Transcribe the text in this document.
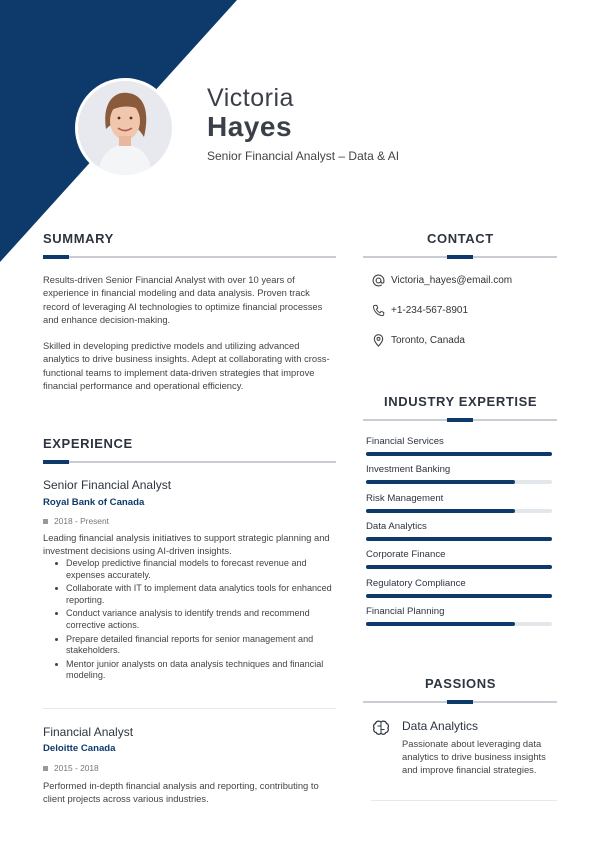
Victoria
Hayes
Senior Financial Analyst – Data & AI
SUMMARY
Results-driven Senior Financial Analyst with over 10 years of experience in financial modeling and data analysis. Proven track record of leveraging AI technologies to optimize financial processes and enhance decision-making.
Skilled in developing predictive models and utilizing advanced analytics to drive business insights. Adept at collaborating with cross-functional teams to implement data-driven strategies that improve financial performance and operational efficiency.
EXPERIENCE
Senior Financial Analyst
Royal Bank of Canada
2018 - Present
Leading financial analysis initiatives to support strategic planning and investment decisions using AI-driven insights.
Develop predictive financial models to forecast revenue and expenses accurately.
Collaborate with IT to implement data analytics tools for enhanced reporting.
Conduct variance analysis to identify trends and recommend corrective actions.
Prepare detailed financial reports for senior management and stakeholders.
Mentor junior analysts on data analysis techniques and financial modeling.
Financial Analyst
Deloitte Canada
2015 - 2018
Performed in-depth financial analysis and reporting, contributing to client projects across various industries.
CONTACT
Victoria_hayes@email.com
+1-234-567-8901
Toronto, Canada
INDUSTRY EXPERTISE
Financial Services
Investment Banking
Risk Management
Data Analytics
Corporate Finance
Regulatory Compliance
Financial Planning
PASSIONS
Data Analytics
Passionate about leveraging data analytics to drive business insights and improve financial strategies.
